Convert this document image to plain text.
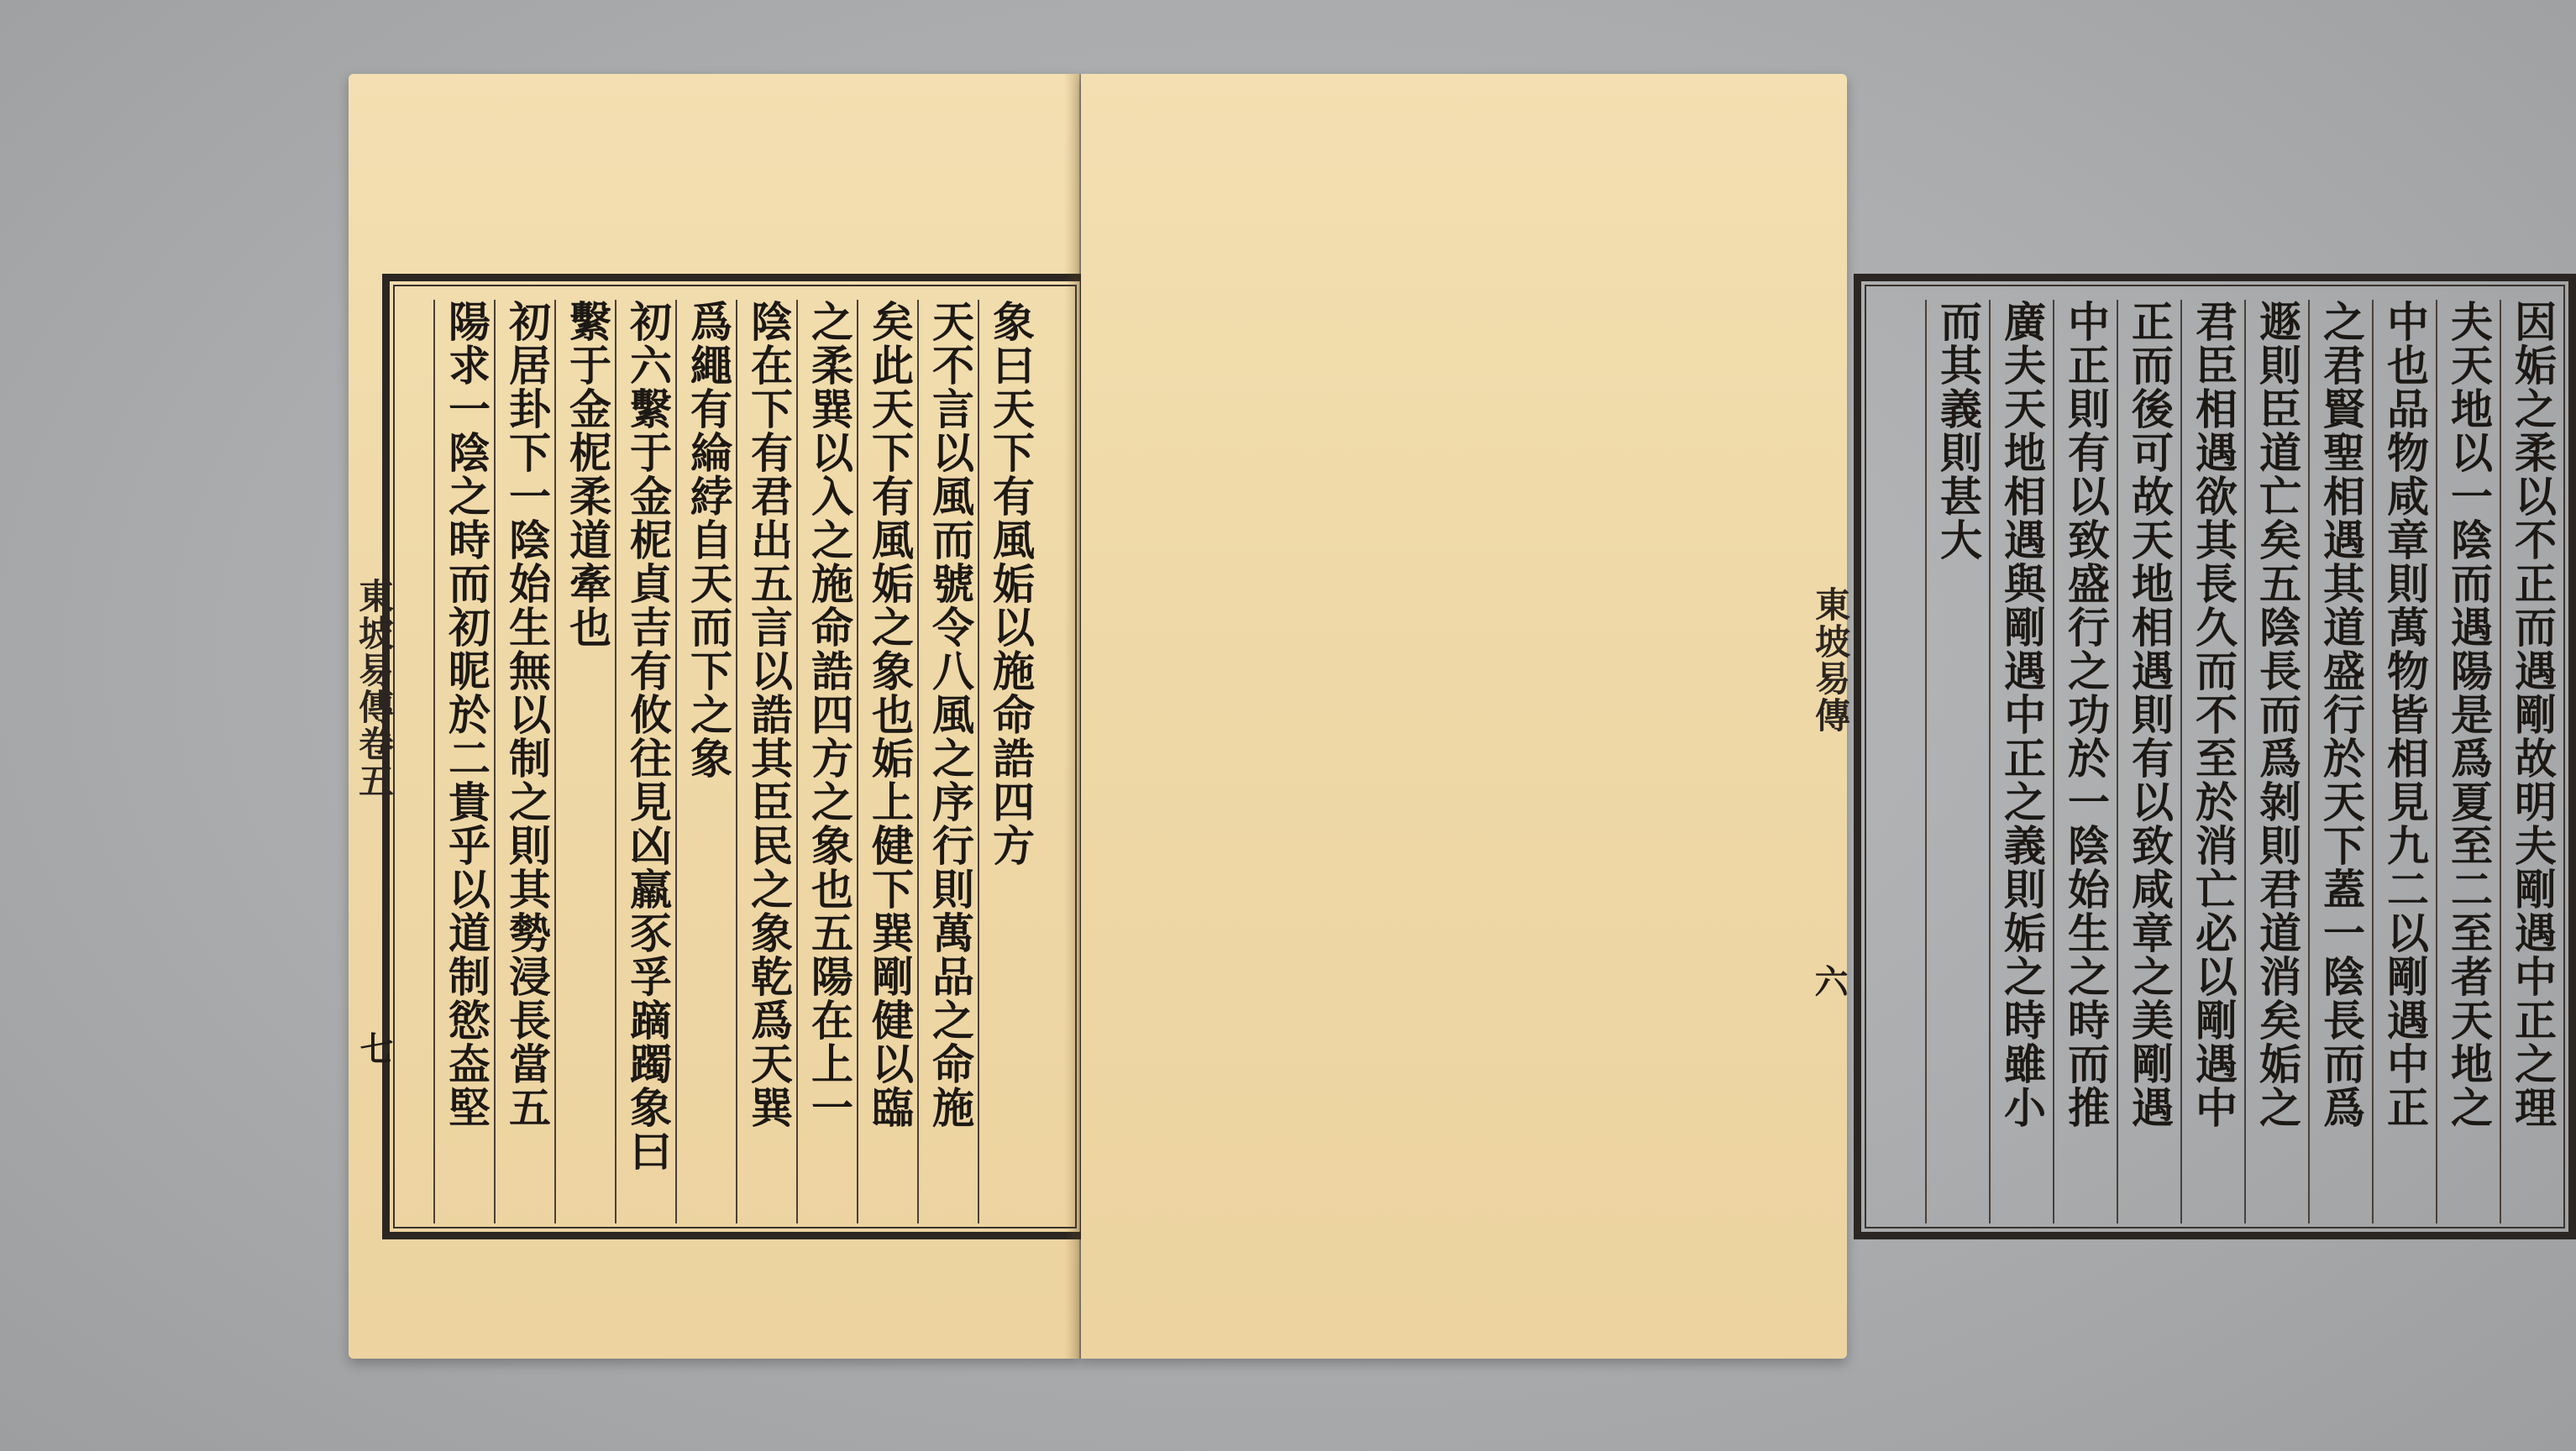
象曰天下有風姤以施命誥四方
天不言以風而號令八風之序行則萬品之命施
矣此天下有風姤之象也姤上健下巽剛健以臨
之柔巽以入之施命誥四方之象也五陽在上一
陰在下有君出五言以誥其臣民之象乾爲天巽
爲繩有綸綍自天而下之象
初六繫于金柅貞吉有攸往見凶羸豕孚蹢躅象曰
繫于金柅柔道牽也
初居卦下一陰始生無以制之則其勢浸長當五
陽求一陰之時而初昵於二貴乎以道制慾盇堅
東坡易傳卷五
七	因姤之柔以不正而遇剛故明夫剛遇中正之理
夫天地以一陰而遇陽是爲夏至二至者天地之
中也品物咸章則萬物皆相見九二以剛遇中正
之君賢聖相遇其道盛行於天下蓋一陰長而爲
遯則臣道亡矣五陰長而爲剝則君道消矣姤之
君臣相遇欲其長久而不至於消亡必以剛遇中
正而後可故天地相遇則有以致咸章之美剛遇
中正則有以致盛行之功於一陰始生之時而推
廣夫天地相遇與剛遇中正之義則姤之時雖小
而其義則甚大
東坡易傳
六
